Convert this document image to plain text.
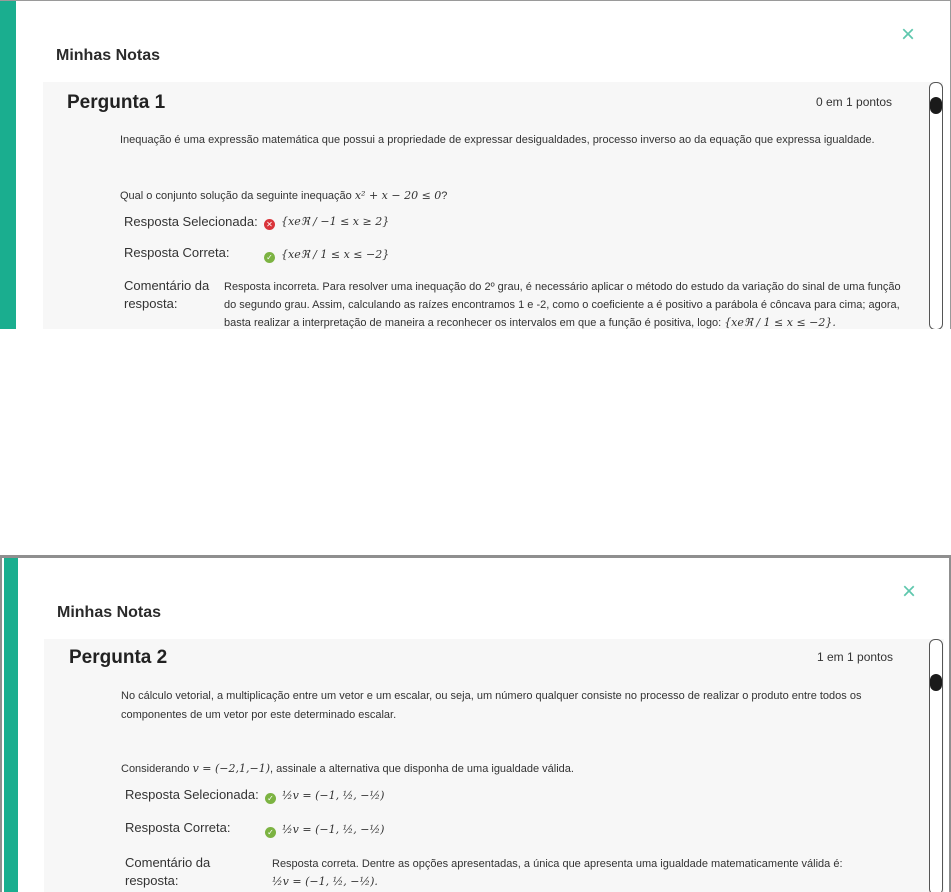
Minhas Notas
×
Pergunta 1	0 em 1 pontos
Inequação é uma expressão matemática que possui a propriedade de expressar desigualdades, processo inverso ao da equação que expressa igualdade.
Qual o conjunto solução da seguinte inequação x² + x − 20 ≤ 0?
Resposta Selecionada: ✕ {xeℜ / −1 ≤ x ≥ 2}
Resposta Correta:	✓ {xeℜ / 1 ≤ x ≤ −2}
Comentário da resposta:
Resposta incorreta. Para resolver uma inequação do 2º grau, é necessário aplicar o método do estudo da variação do sinal de uma função do segundo grau. Assim, calculando as raízes encontramos 1 e -2, como o coeficiente a é positivo a parábola é côncava para cima; agora, basta realizar a interpretação de maneira a reconhecer os intervalos em que a função é positiva, logo: {xeℜ / 1 ≤ x ≤ −2}.
Minhas Notas
×
Pergunta 2	1 em 1 pontos
No cálculo vetorial, a multiplicação entre um vetor e um escalar, ou seja, um número qualquer consiste no processo de realizar o produto entre todos os componentes de um vetor por este determinado escalar.
Considerando v = (−2,1,−1), assinale a alternativa que disponha de uma igualdade válida.
Resposta Selecionada: ✓ ½v = (−1, ½, −½)
Resposta Correta:	✓ ½v = (−1, ½, −½)
Comentário da resposta:
Resposta correta. Dentre as opções apresentadas, a única que apresenta uma igualdade matematicamente válida é:
½v = (−1, ½, −½).
